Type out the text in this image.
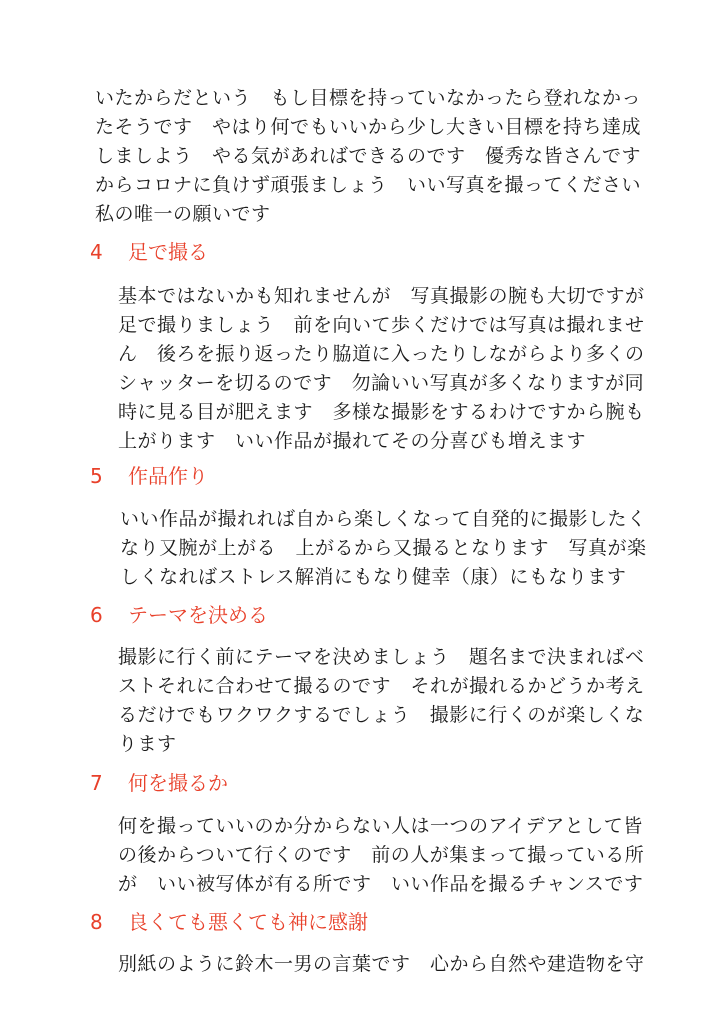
いたからだという　もし目標を持っていなかったら登れなかっ
たそうです　やはり何でもいいから少し大きい目標を持ち達成
しましよう　やる気があればできるのです　優秀な皆さんです
からコロナに負けず頑張ましょう　いい写真を撮ってください
私の唯一の願いです
4 足で撮る
基本ではないかも知れませんが　写真撮影の腕も大切ですが
足で撮りましょう　前を向いて歩くだけでは写真は撮れませ
ん　後ろを振り返ったり脇道に入ったりしながらより多くの
シャッターを切るのです　勿論いい写真が多くなりますが同
時に見る目が肥えます　多様な撮影をするわけですから腕も
上がります　いい作品が撮れてその分喜びも増えます
5 作品作り
いい作品が撮れれば自から楽しくなって自発的に撮影したく
なり又腕が上がる　上がるから又撮るとなります　写真が楽
しくなればストレス解消にもなり健幸（康）にもなります
6 テーマを決める
撮影に行く前にテーマを決めましょう　題名まで決まればベ
ストそれに合わせて撮るのです　それが撮れるかどうか考え
るだけでもワクワクするでしょう　撮影に行くのが楽しくな
ります
7 何を撮るか
何を撮っていいのか分からない人は一つのアイデアとして皆
の後からついて行くのです　前の人が集まって撮っている所
が　いい被写体が有る所です　いい作品を撮るチャンスです
8 良くても悪くても神に感謝
別紙のように鈴木一男の言葉です　心から自然や建造物を守
